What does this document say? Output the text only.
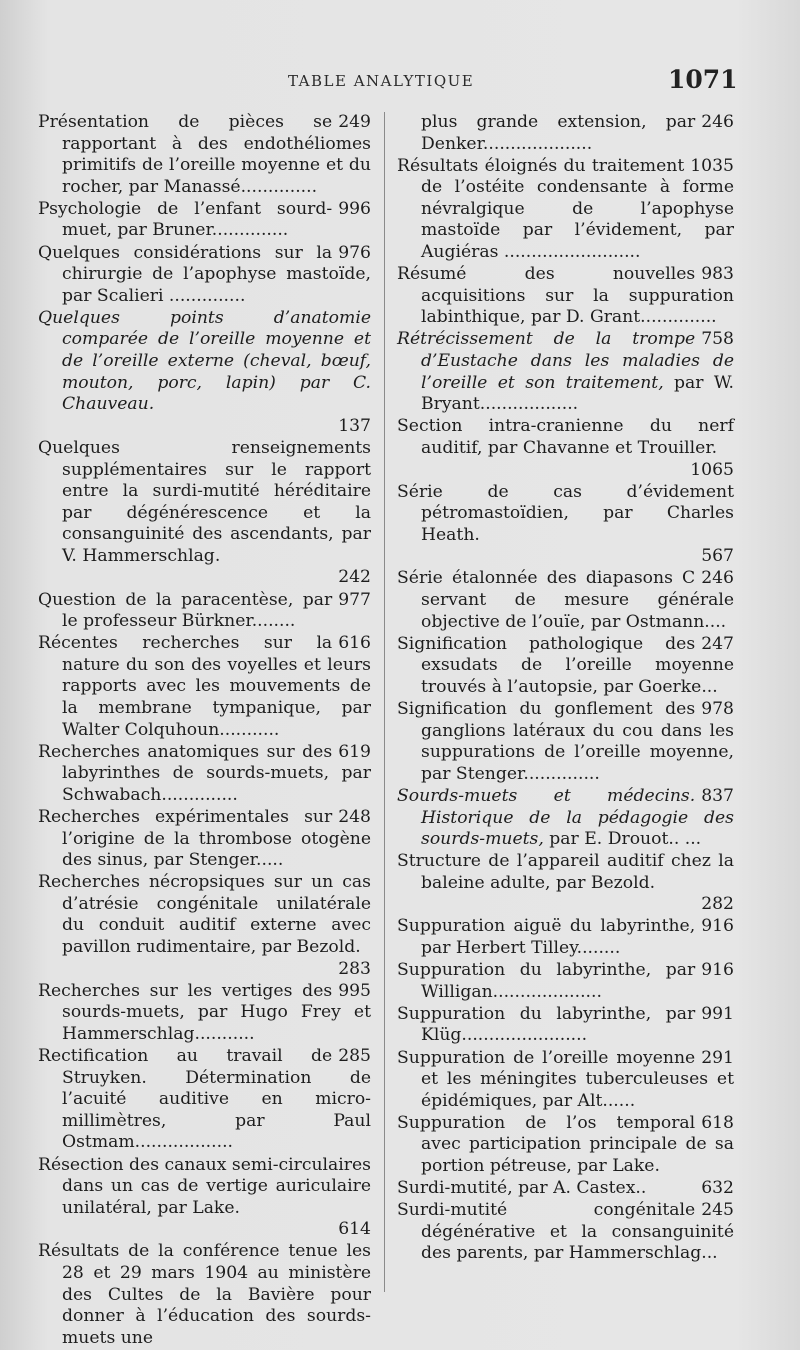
TABLE ANALYTIQUE	1071
249
Présentation de pièces se rapportant à des endothéliomes primitifs de l’oreille moyenne et du rocher, par Manassé..............
996
Psychologie de l’enfant sourd-muet, par Bruner..............
976
Quelques considérations sur la chirurgie de l’apophyse mastoïde, par Scalieri ..............
Quelques points d’anatomie comparée de l’oreille moyenne et de l’oreille externe (cheval, bœuf, mouton, porc, lapin) par C. Chauveau.
137
Quelques renseignements supplémentaires sur le rapport entre la surdi-mutité héréditaire par dégénérescence et la consanguinité des ascendants, par V. Hammerschlag.
242
977
Question de la paracentèse, par le professeur Bürkner........
616
Récentes recherches sur la nature du son des voyelles et leurs rapports avec les mouvements de la membrane tympanique, par Walter Colquhoun...........
619
Recherches anatomiques sur des labyrinthes de sourds-muets, par Schwabach..............
248
Recherches expérimentales sur l’origine de la thrombose otogène des sinus, par Stenger.....
Recherches nécropsiques sur un cas d’atrésie congénitale unilatérale du conduit auditif externe avec pavillon rudimentaire, par Bezold.
283
995
Recherches sur les vertiges des sourds-muets, par Hugo Frey et Hammerschlag...........
285
Rectification au travail de Struyken. Détermination de l’acuité auditive en micro-millimètres, par Paul Ostmam..................
Résection des canaux semi-circulaires dans un cas de vertige auriculaire unilatéral, par Lake.
614
Résultats de la conférence tenue les 28 et 29 mars 1904 au ministère des Cultes de la Bavière pour donner à l’éducation des sourds-muets une
246
plus grande extension, par Denker....................
1035
Résultats éloignés du traitement de l’ostéite condensante à forme névralgique de l’apophyse mastoïde par l’évidement, par Augiéras .........................
983
Résumé des nouvelles acquisitions sur la suppuration labinthique, par D. Grant..............
758
Rétrécissement de la trompe d’Eustache dans les maladies de l’oreille et son traitement, par W. Bryant..................
Section intra-cranienne du nerf auditif, par Chavanne et Trouiller.
1065
Série de cas d’évidement pétromastoïdien, par Charles Heath.
567
246
Série étalonnée des diapasons C servant de mesure générale objective de l’ouïe, par Ostmann....
247
Signification pathologique des exsudats de l’oreille moyenne trouvés à l’autopsie, par Goerke...
978
Signification du gonflement des ganglions latéraux du cou dans les suppurations de l’oreille moyenne, par Stenger..............
837
Sourds-muets et médecins. Historique de la pédagogie des sourds-muets, par E. Drouot.. ...
Structure de l’appareil auditif chez la baleine adulte, par Bezold.
282
916
Suppuration aiguë du labyrinthe, par Herbert Tilley........
916
Suppuration du labyrinthe, par Willigan....................
991
Suppuration du labyrinthe, par Klüg.......................
291
Suppuration de l’oreille moyenne et les méningites tuberculeuses et épidémiques, par Alt......
618
Suppuration de l’os temporal avec participation principale de sa portion pétreuse, par Lake.
632
Surdi-mutité, par A. Castex..
245
Surdi-mutité congénitale dégénérative et la consanguinité des parents, par Hammerschlag...
